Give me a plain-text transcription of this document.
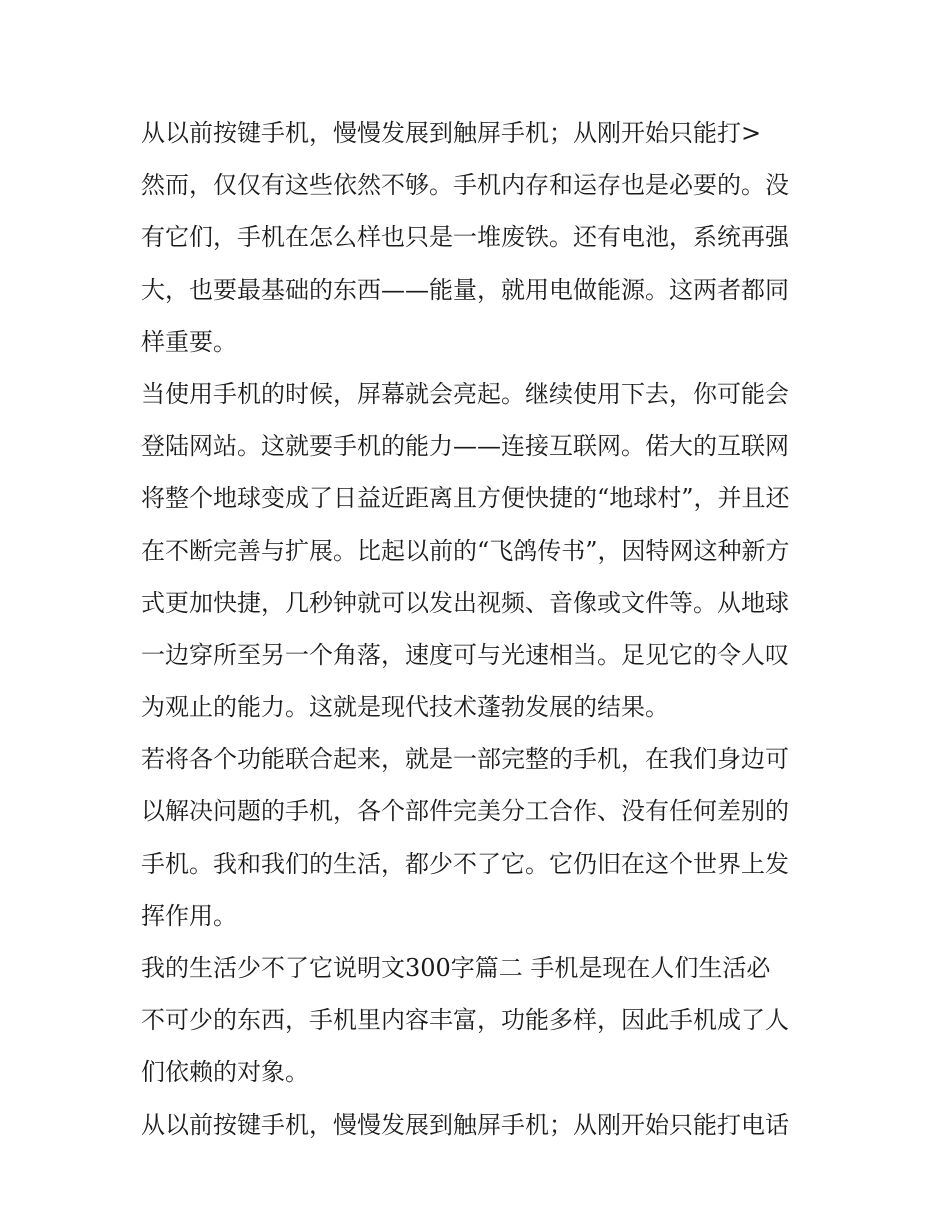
从以前按键手机，慢慢发展到触屏手机；从刚开始只能打>
然而，仅仅有这些依然不够。手机内存和运存也是必要的。没
有它们，手机在怎么样也只是一堆废铁。还有电池，系统再强
大，也要最基础的东西——能量，就用电做能源。这两者都同
样重要。
当使用手机的时候，屏幕就会亮起。继续使用下去，你可能会
登陆网站。这就要手机的能力——连接互联网。偌大的互联网
将整个地球变成了日益近距离且方便快捷的“地球村”，并且还
在不断完善与扩展。比起以前的“飞鸽传书”，因特网这种新方
式更加快捷，几秒钟就可以发出视频、音像或文件等。从地球
一边穿所至另一个角落，速度可与光速相当。足见它的令人叹
为观止的能力。这就是现代技术蓬勃发展的结果。
若将各个功能联合起来，就是一部完整的手机，在我们身边可
以解决问题的手机，各个部件完美分工合作、没有任何差别的
手机。我和我们的生活，都少不了它。它仍旧在这个世界上发
挥作用。
我的生活少不了它说明文300字篇二 手机是现在人们生活必
不可少的东西，手机里内容丰富，功能多样，因此手机成了人
们依赖的对象。
从以前按键手机，慢慢发展到触屏手机；从刚开始只能打电话
